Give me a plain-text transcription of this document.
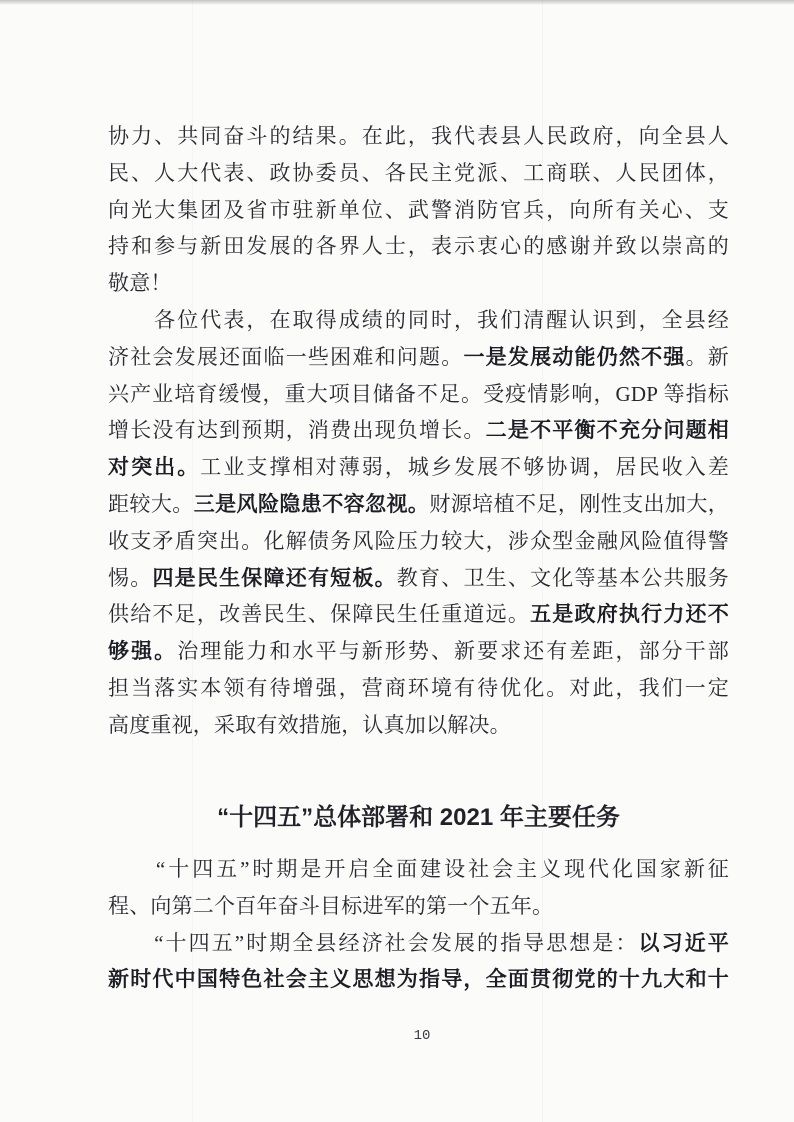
协力、共同奋斗的结果。在此，我代表县人民政府，向全县人
民、人大代表、政协委员、各民主党派、工商联、人民团体，
向光大集团及省市驻新单位、武警消防官兵，向所有关心、支
持和参与新田发展的各界人士，表示衷心的感谢并致以崇高的
敬意！
　　各位代表，在取得成绩的同时，我们清醒认识到，全县经
济社会发展还面临一些困难和问题。一是发展动能仍然不强。新
兴产业培育缓慢，重大项目储备不足。受疫情影响，GDP 等指标
增长没有达到预期，消费出现负增长。二是不平衡不充分问题相
对突出。工业支撑相对薄弱，城乡发展不够协调，居民收入差
距较大。三是风险隐患不容忽视。财源培植不足，刚性支出加大，
收支矛盾突出。化解债务风险压力较大，涉众型金融风险值得警
惕。四是民生保障还有短板。教育、卫生、文化等基本公共服务
供给不足，改善民生、保障民生任重道远。五是政府执行力还不
够强。治理能力和水平与新形势、新要求还有差距，部分干部
担当落实本领有待增强，营商环境有待优化。对此，我们一定
高度重视，采取有效措施，认真加以解决。
“十四五”总体部署和 2021 年主要任务
　　“十四五”时期是开启全面建设社会主义现代化国家新征
程、向第二个百年奋斗目标进军的第一个五年。
　　“十四五”时期全县经济社会发展的指导思想是：以习近平
新时代中国特色社会主义思想为指导，全面贯彻党的十九大和十
10
